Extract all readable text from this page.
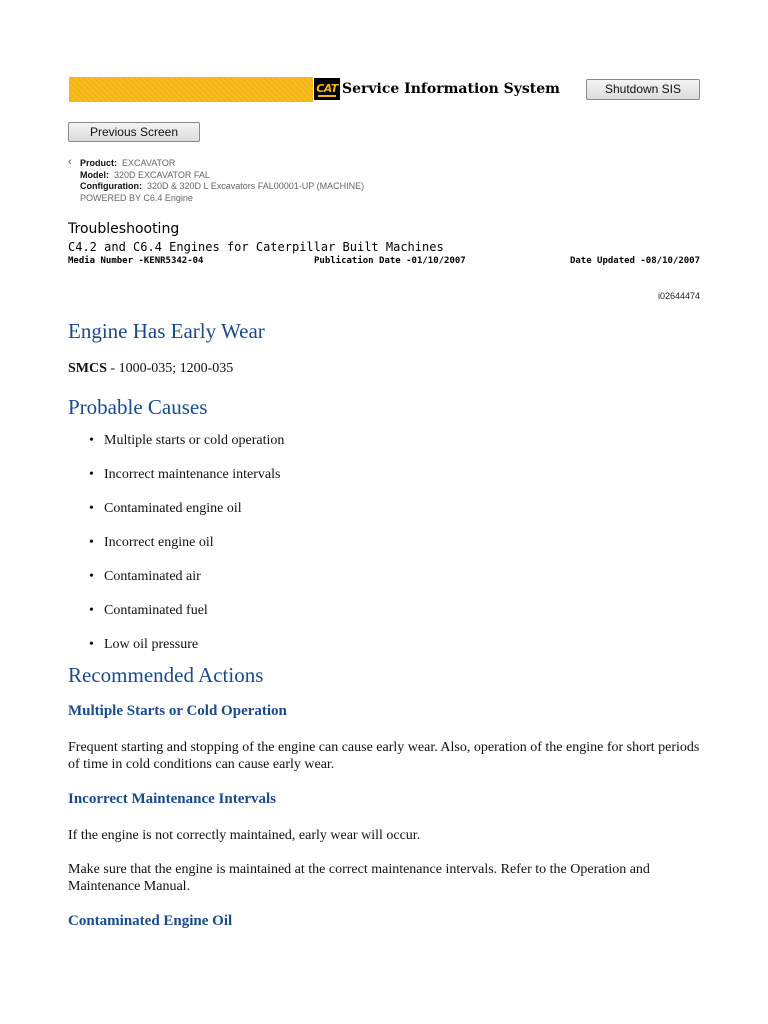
CAT Service Information System	Shutdown SIS
Previous Screen
‹ Product: EXCAVATOR
Model: 320D EXCAVATOR FAL
Configuration: 320D & 320D L Excavators FAL00001-UP (MACHINE)
POWERED BY C6.4 Engine
Troubleshooting
C4.2 and C6.4 Engines for Caterpillar Built Machines
Media Number -KENR5342-04	Publication Date -01/10/2007	Date Updated -08/10/2007
i02644474
Engine Has Early Wear
SMCS - 1000-035; 1200-035
Probable Causes
• Multiple starts or cold operation
• Incorrect maintenance intervals
• Contaminated engine oil
• Incorrect engine oil
• Contaminated air
• Contaminated fuel
• Low oil pressure
Recommended Actions
Multiple Starts or Cold Operation

Frequent starting and stopping of the engine can cause early wear. Also, operation of the engine for short periods of time in cold conditions can cause early wear.

Incorrect Maintenance Intervals

If the engine is not correctly maintained, early wear will occur.

Make sure that the engine is maintained at the correct maintenance intervals. Refer to the Operation and Maintenance Manual.

Contaminated Engine Oil
